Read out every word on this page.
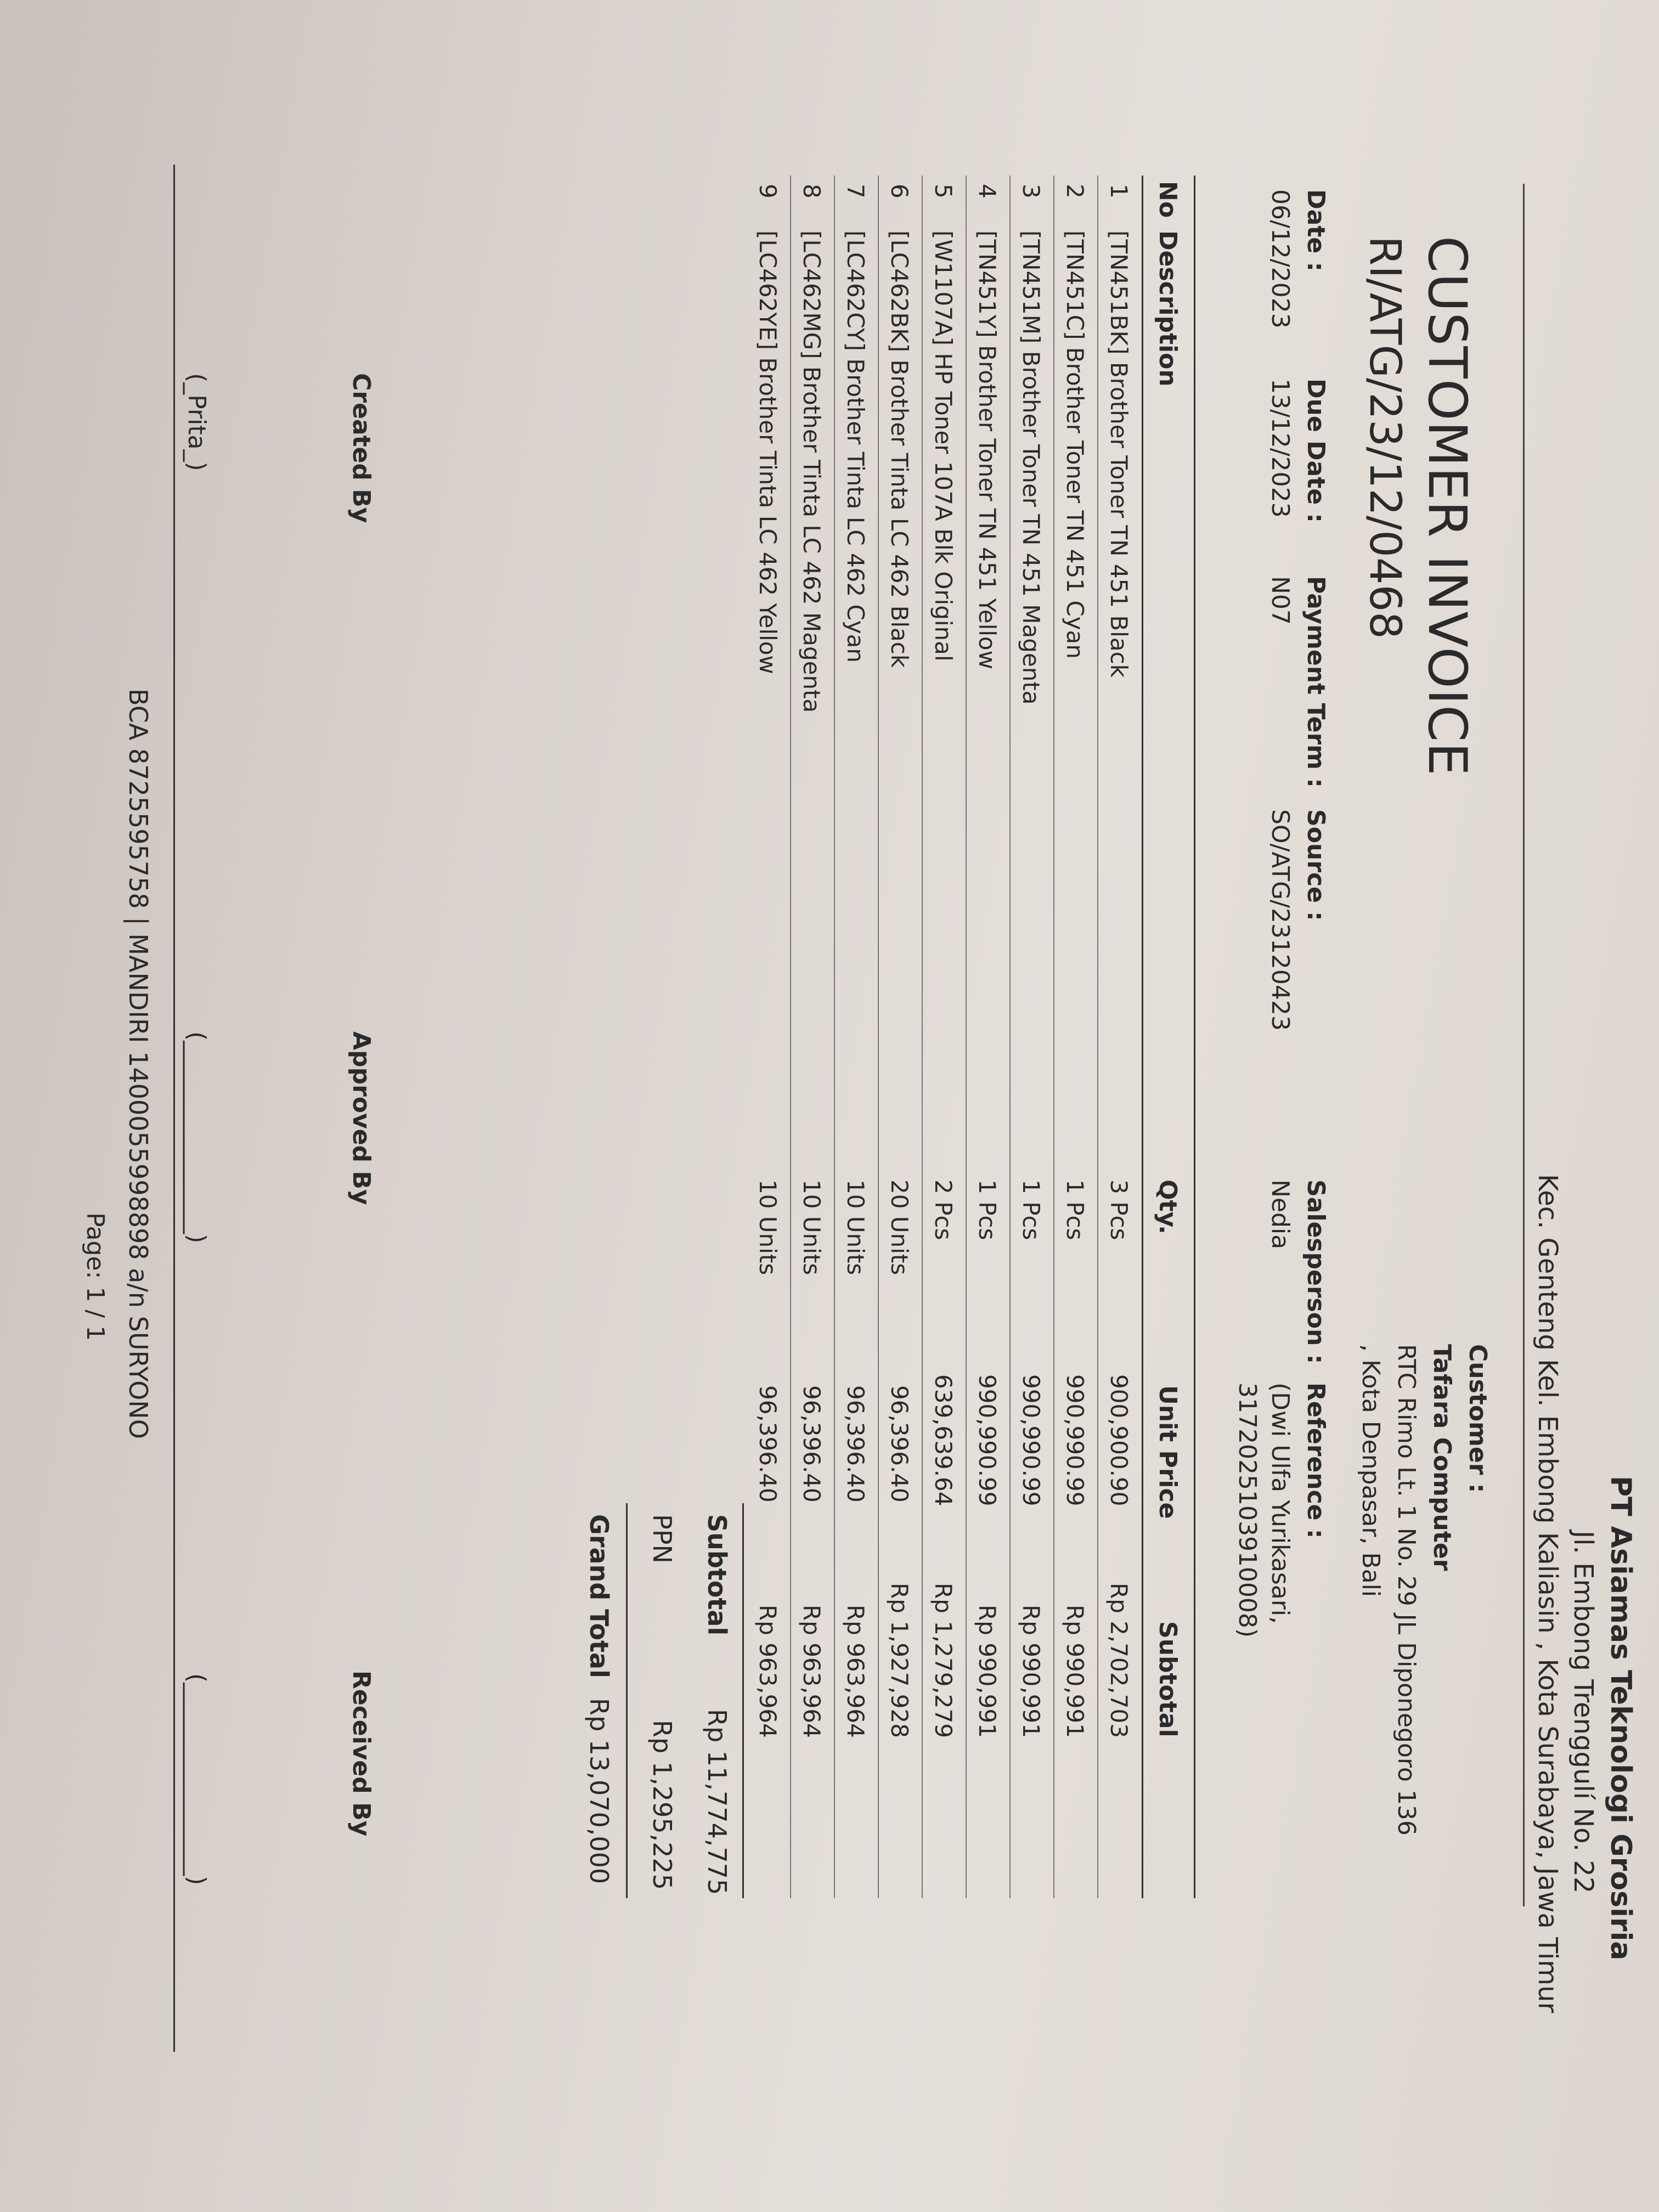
PT Asiamas Teknologi Grosiria
Jl. Embong Trenggulí No. 22
Kec. Genteng Kel. Embong Kaliasin , Kota Surabaya, Jawa Timur
CUSTOMER INVOICE
RI/ATG/23/12/0468
Customer :
Tafara Computer
RTC Rimo Lt. 1 No. 29 JL Diponegoro 136
, Kota Denpasar, Bali
Date :
06/12/2023
Due Date :
13/12/2023
Payment Term :
N07
Source :
SO/ATG/23120423
Salesperson :
Nedia
Reference :
(Dwi Ulfa Yurikasari,
3172025103910008)
No
Description
Qty.
Unit Price
Subtotal
1
[TN451BK] Brother Toner TN 451 Black
3 Pcs
900,900.90
Rp 2,702,703
2
[TN451C] Brother Toner TN 451 Cyan
1 Pcs
990,990.99
Rp 990,991
3
[TN451M] Brother Toner TN 451 Magenta
1 Pcs
990,990.99
Rp 990,991
4
[TN451Y] Brother Toner TN 451 Yellow
1 Pcs
990,990.99
Rp 990,991
5
[W1107A] HP Toner 107A Blk Original
2 Pcs
639,639.64
Rp 1,279,279
6
[LC462BK] Brother Tinta LC 462 Black
20 Units
96,396.40
Rp 1,927,928
7
[LC462CY] Brother Tinta LC 462 Cyan
10 Units
96,396.40
Rp 963,964
8
[LC462MG] Brother Tinta LC 462 Magenta
10 Units
96,396.40
Rp 963,964
9
[LC462YE] Brother Tinta LC 462 Yellow
10 Units
96,396.40
Rp 963,964
Subtotal
Rp 11,774,775
PPN
Rp 1,295,225
Grand Total
Rp 13,070,000
Created By
(_Prita_)
Approved By
(________________)
Received By
(________________)
BCA 8725595758 | MANDIRI 1400055998898 a/n SURYONO
Page: 1 / 1
